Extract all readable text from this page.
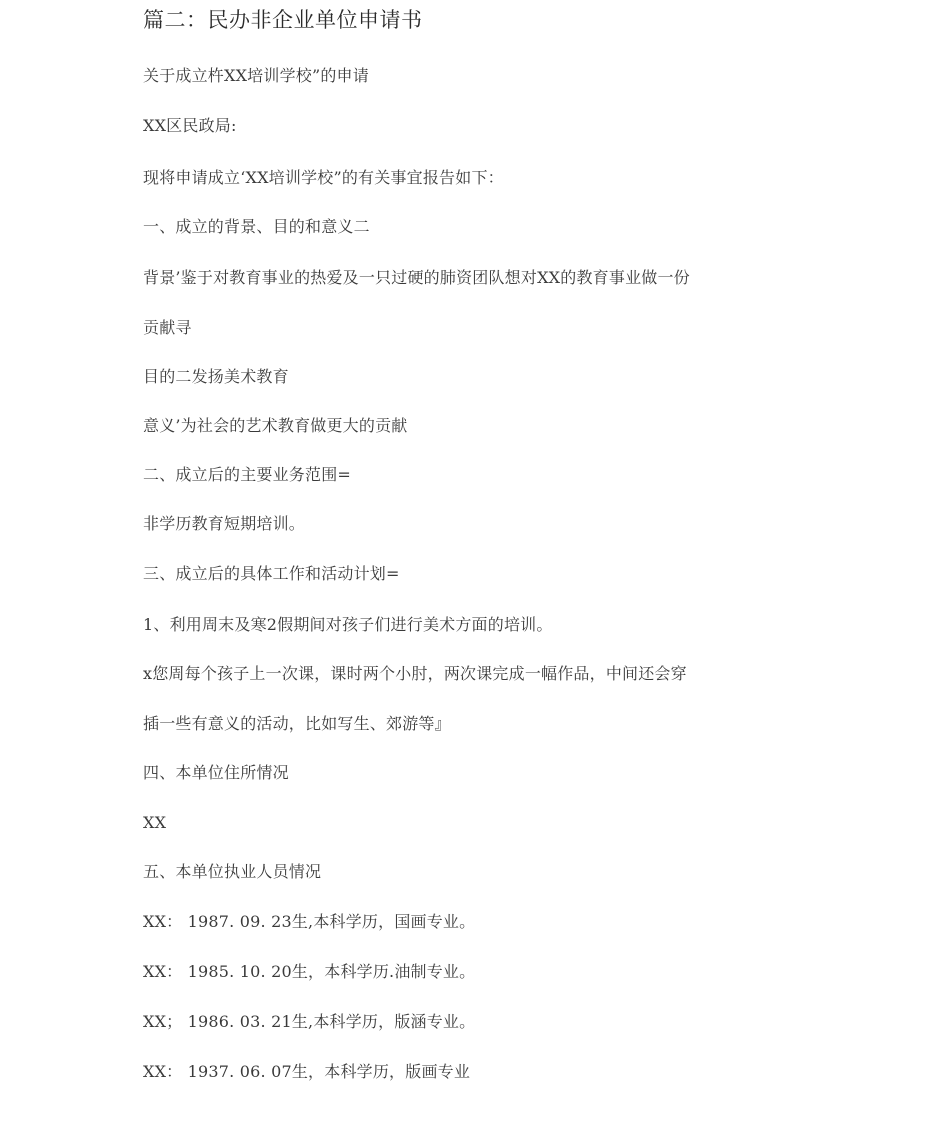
篇二：民办非企业单位申请书
关于成立杵XX培训学校”的申请
XX区民政局:
现将申请成立‘XX培训学校”的有关事宜报告如下：
一、成立的背景、目的和意义二
背景’鉴于对教育事业的热爱及一只过硬的肺资团队想对XX的教育事业做一份
贡献寻
目的二发扬美术教育
意义’为社会的艺术教育做更大的贡献
二、成立后的主要业务范围=
非学历教育短期培训。
三、成立后的具体工作和活动计划=
1、利用周末及寒2假期间对孩子们进行美术方面的培训。
x您周每个孩子上一次课，课时两个小肘，两次课完成一幅作品，中间还会穿
插一些有意义的活动，比如写生、郊游等』
四、本单位住所情况
XX
五、本单位执业人员情况
XX： 1987. 09. 23生,本科学历，国画专业。
XX： 1985. 10. 20生，本科学历.油制专业。
XX； 1986. 03. 21生,本科学历，版涵专业。
XX： 1937. 06. 07生，本科学历，版画专业
